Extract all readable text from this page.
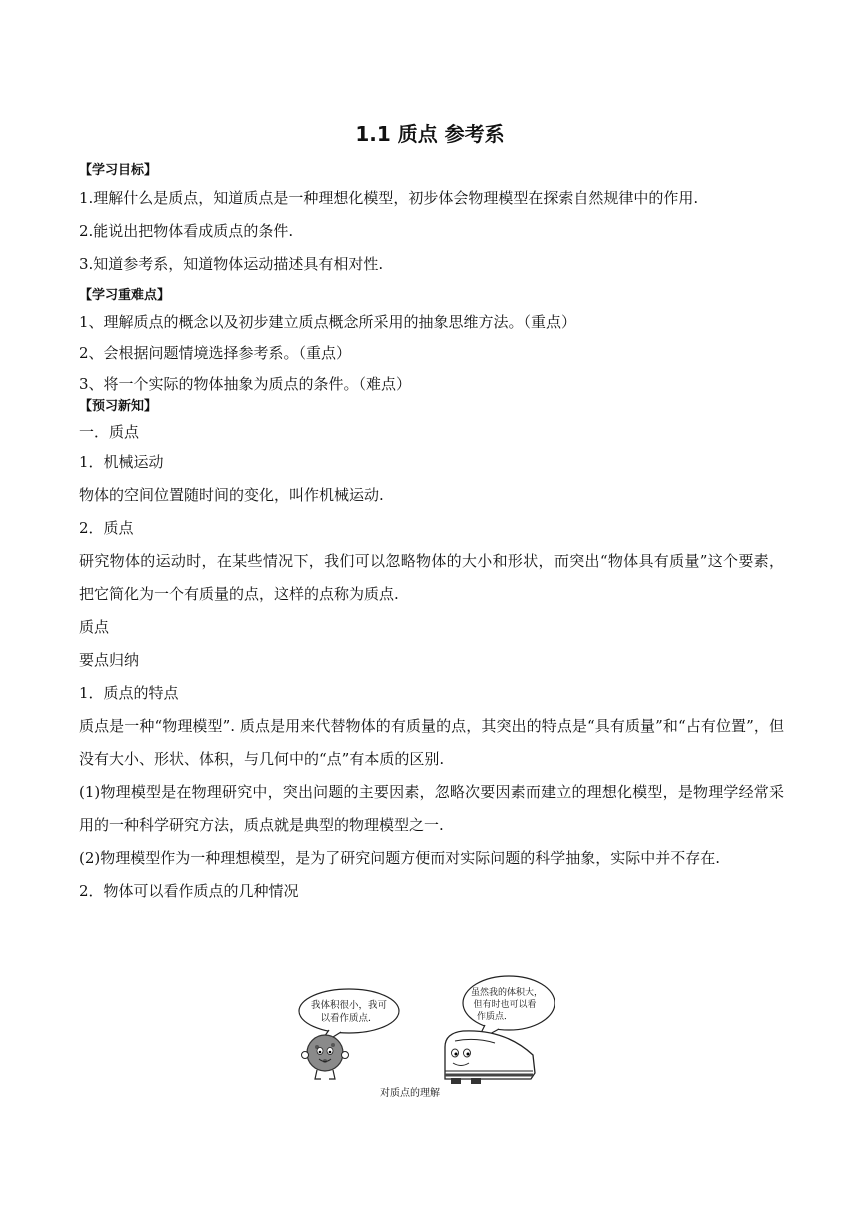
1.1 质点 参考系
【学习目标】

1.理解什么是质点，知道质点是一种理想化模型，初步体会物理模型在探索自然规律中的作用.

2.能说出把物体看成质点的条件.

3.知道参考系，知道物体运动描述具有相对性.

【学习重难点】

1、理解质点的概念以及初步建立质点概念所采用的抽象思维方法。（重点）

2、会根据问题情境选择参考系。（重点）

3、将一个实际的物体抽象为质点的条件。（难点）

【预习新知】

一．质点

1．机械运动

物体的空间位置随时间的变化，叫作机械运动.

2．质点

研究物体的运动时，在某些情况下，我们可以忽略物体的大小和形状，而突出“物体具有质量”这个要素，把它简化为一个有质量的点，这样的点称为质点.

质点

要点归纳

1．质点的特点

质点是一种“物理模型”. 质点是用来代替物体的有质量的点，其突出的特点是“具有质量”和“占有位置”，但没有大小、形状、体积，与几何中的“点”有本质的区别.

(1)物理模型是在物理研究中，突出问题的主要因素，忽略次要因素而建立的理想化模型，是物理学经常采用的一种科学研究方法，质点就是典型的物理模型之一.

(2)物理模型作为一种理想模型，是为了研究问题方便而对实际问题的科学抽象，实际中并不存在.

2．物体可以看作质点的几种情况

我体积很小，我可
以看作质点．
虽然我的体积大，
但有时也可以看
作质点．
对质点的理解
